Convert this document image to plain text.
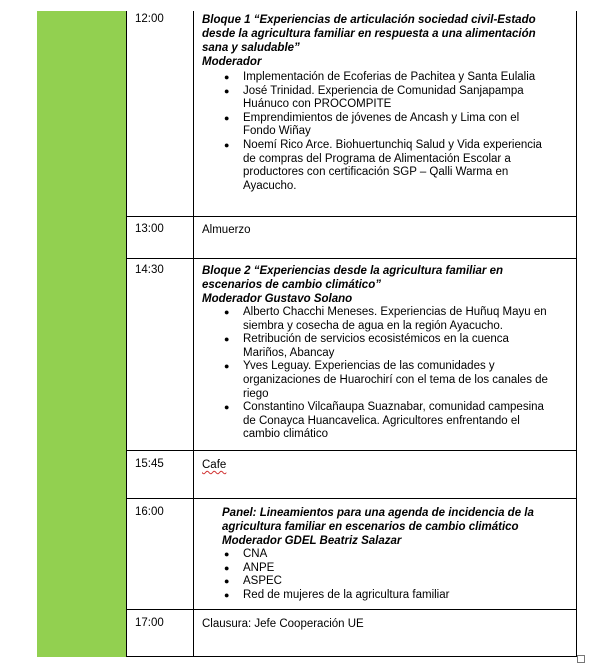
12:00	Bloque 1 “Experiencias de articulación sociedad civil-Estado
desde la agricultura familiar en respuesta a una alimentación
sana y saludable”
Moderador
● Implementación de Ecoferias de Pachitea y Santa Eulalia
● José Trinidad. Experiencia de Comunidad Sanjapampa
Huánuco con PROCOMPITE
● Emprendimientos de jóvenes de Ancash y Lima con el
Fondo Wiñay
● Noemí Rico Arce. Biohuertunchiq Salud y Vida experiencia
de compras del Programa de Alimentación Escolar a
productores con certificación SGP – Qalli Warma en
Ayacucho.
13:00	Almuerzo
14:30	Bloque 2 “Experiencias desde la agricultura familiar en
escenarios de cambio climático”
Moderador Gustavo Solano
● Alberto Chacchi Meneses. Experiencias de Huñuq Mayu en
siembra y cosecha de agua en la región Ayacucho.
● Retribución de servicios ecosistémicos en la cuenca
Mariños, Abancay
● Yves Leguay. Experiencias de las comunidades y
organizaciones de Huarochirí con el tema de los canales de
riego
● Constantino Vilcañaupa Suaznabar, comunidad campesina
de Conayca Huancavelica. Agricultores enfrentando el
cambio climático
15:45	Cafe
16:00	Panel: Lineamientos para una agenda de incidencia de la
agricultura familiar en escenarios de cambio climático
Moderador GDEL Beatriz Salazar
● CNA
● ANPE
● ASPEC
● Red de mujeres de la agricultura familiar
17:00	Clausura: Jefe Cooperación UE
